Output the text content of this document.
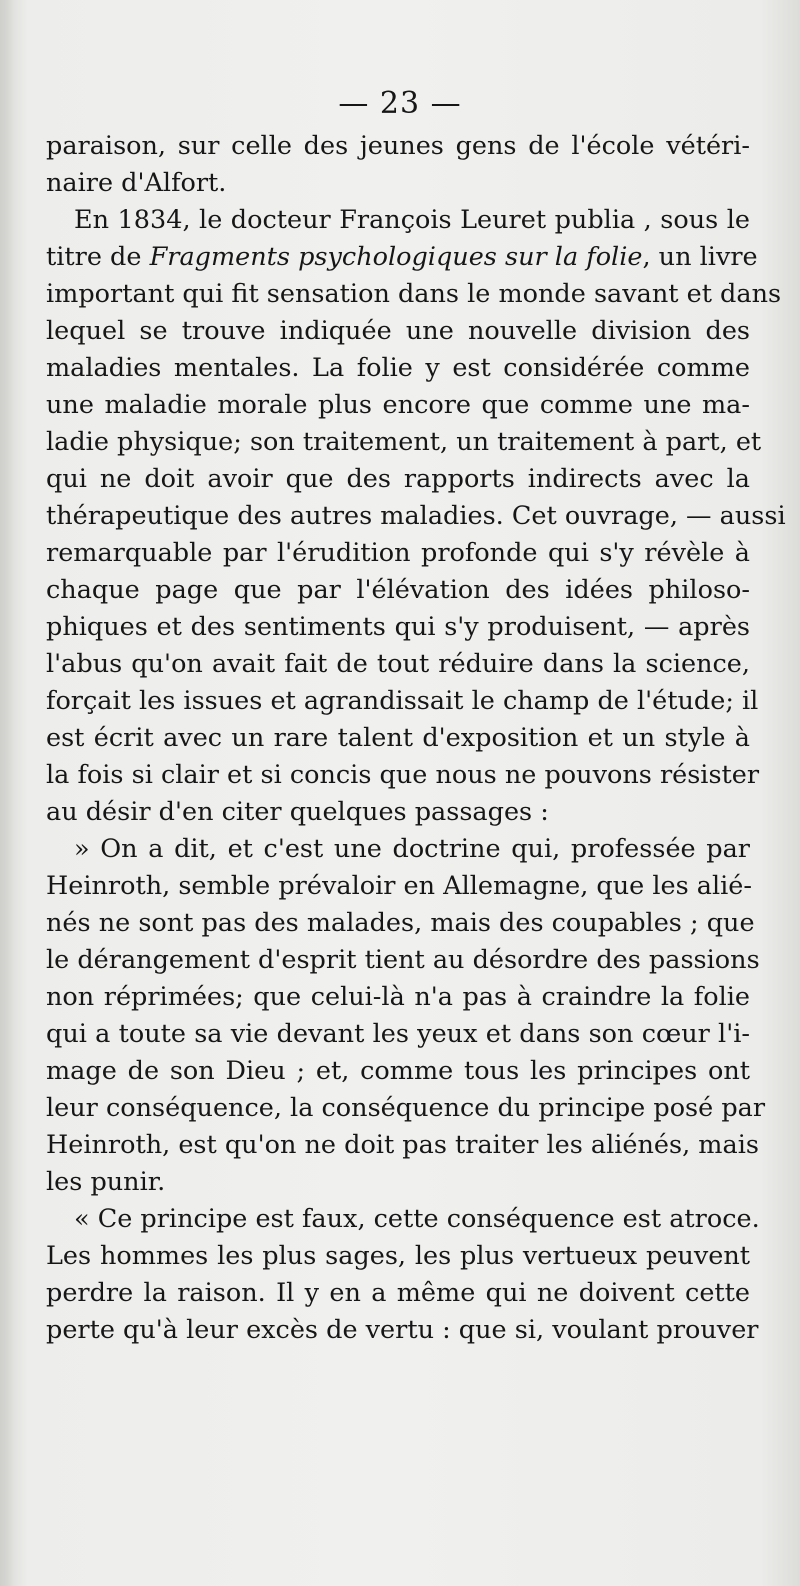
— 23 —
paraison, sur celle des jeunes gens de l'école vétéri-
naire d'Alfort.
En 1834, le docteur François Leuret publia , sous le
titre de Fragments psychologiques sur la folie, un livre
important qui fit sensation dans le monde savant et dans
lequel se trouve indiquée une nouvelle division des
maladies mentales. La folie y est considérée comme
une maladie morale plus encore que comme une ma-
ladie physique; son traitement, un traitement à part, et
qui ne doit avoir que des rapports indirects avec la
thérapeutique des autres maladies. Cet ouvrage, — aussi
remarquable par l'érudition profonde qui s'y révèle à
chaque page que par l'élévation des idées philoso-
phiques et des sentiments qui s'y produisent, — après
l'abus qu'on avait fait de tout réduire dans la science,
forçait les issues et agrandissait le champ de l'étude; il
est écrit avec un rare talent d'exposition et un style à
la fois si clair et si concis que nous ne pouvons résister
au désir d'en citer quelques passages :
» On a dit, et c'est une doctrine qui, professée par
Heinroth, semble prévaloir en Allemagne, que les alié-
nés ne sont pas des malades, mais des coupables ; que
le dérangement d'esprit tient au désordre des passions
non réprimées; que celui-là n'a pas à craindre la folie
qui a toute sa vie devant les yeux et dans son cœur l'i-
mage de son Dieu ; et, comme tous les principes ont
leur conséquence, la conséquence du principe posé par
Heinroth, est qu'on ne doit pas traiter les aliénés, mais
les punir.
« Ce principe est faux, cette conséquence est atroce.
Les hommes les plus sages, les plus vertueux peuvent
perdre la raison. Il y en a même qui ne doivent cette
perte qu'à leur excès de vertu : que si, voulant prouver
